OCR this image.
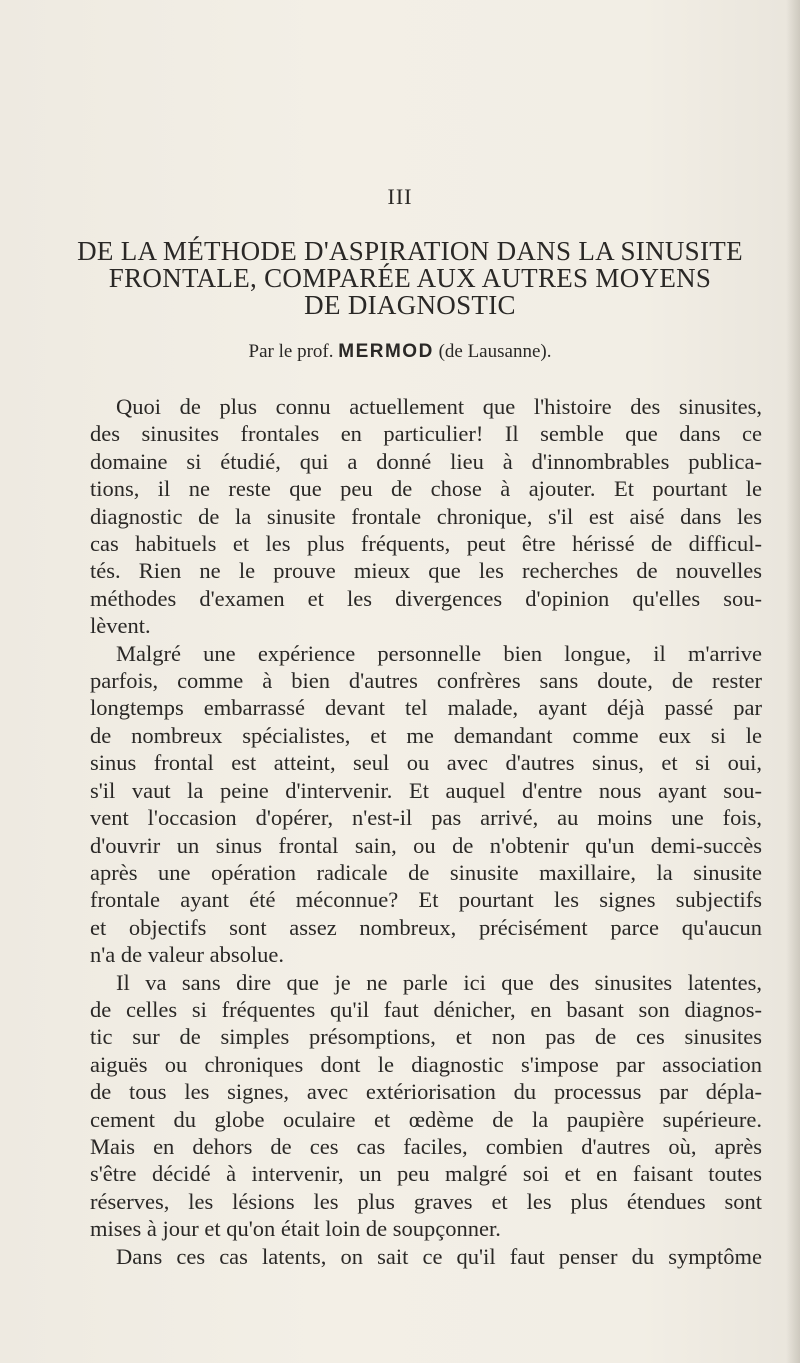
III
DE LA MÉTHODE D'ASPIRATION DANS LA SINUSITE
FRONTALE, COMPARÉE AUX AUTRES MOYENS
DE DIAGNOSTIC
Par le prof. MERMOD (de Lausanne).
Quoi de plus connu actuellement que l'histoire des sinusites,
des sinusites frontales en particulier! Il semble que dans ce
domaine si étudié, qui a donné lieu à d'innombrables publica-
tions, il ne reste que peu de chose à ajouter. Et pourtant le
diagnostic de la sinusite frontale chronique, s'il est aisé dans les
cas habituels et les plus fréquents, peut être hérissé de difficul-
tés. Rien ne le prouve mieux que les recherches de nouvelles
méthodes d'examen et les divergences d'opinion qu'elles sou-
lèvent.
Malgré une expérience personnelle bien longue, il m'arrive
parfois, comme à bien d'autres confrères sans doute, de rester
longtemps embarrassé devant tel malade, ayant déjà passé par
de nombreux spécialistes, et me demandant comme eux si le
sinus frontal est atteint, seul ou avec d'autres sinus, et si oui,
s'il vaut la peine d'intervenir. Et auquel d'entre nous ayant sou-
vent l'occasion d'opérer, n'est-il pas arrivé, au moins une fois,
d'ouvrir un sinus frontal sain, ou de n'obtenir qu'un demi-succès
après une opération radicale de sinusite maxillaire, la sinusite
frontale ayant été méconnue? Et pourtant les signes subjectifs
et objectifs sont assez nombreux, précisément parce qu'aucun
n'a de valeur absolue.
Il va sans dire que je ne parle ici que des sinusites latentes,
de celles si fréquentes qu'il faut dénicher, en basant son diagnos-
tic sur de simples présomptions, et non pas de ces sinusites
aiguës ou chroniques dont le diagnostic s'impose par association
de tous les signes, avec extériorisation du processus par dépla-
cement du globe oculaire et œdème de la paupière supérieure.
Mais en dehors de ces cas faciles, combien d'autres où, après
s'être décidé à intervenir, un peu malgré soi et en faisant toutes
réserves, les lésions les plus graves et les plus étendues sont
mises à jour et qu'on était loin de soupçonner.
Dans ces cas latents, on sait ce qu'il faut penser du symptôme
